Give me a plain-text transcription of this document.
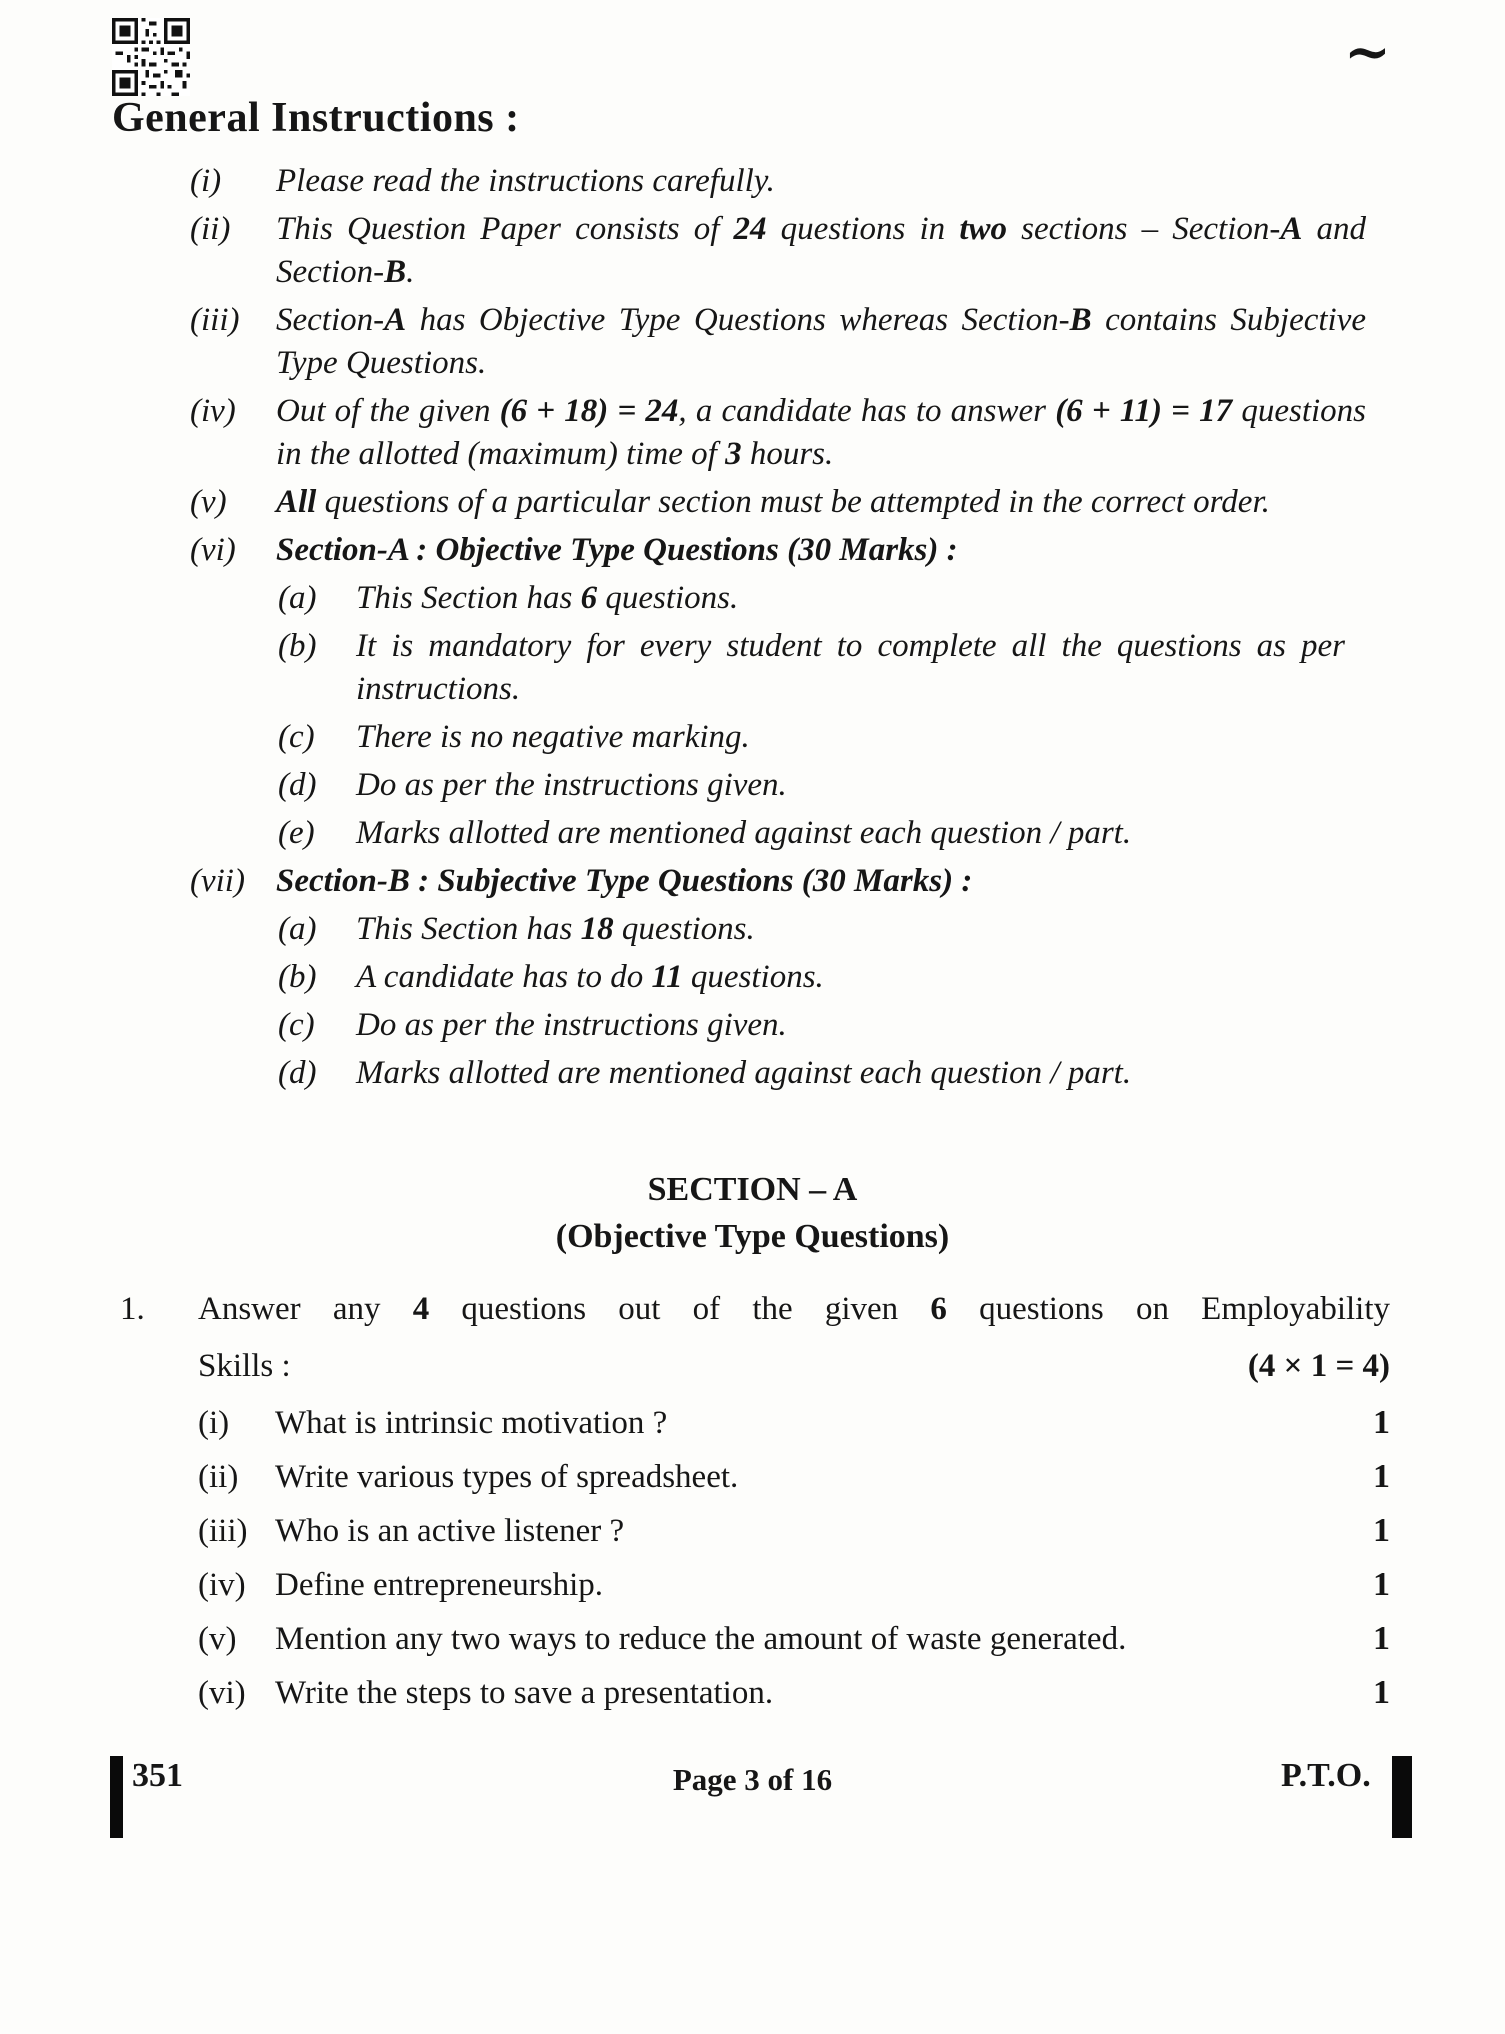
~
General Instructions :
(i)	Please read the instructions carefully.
(ii)	This Question Paper consists of 24 questions in two sections – Section-A and Section-B.
(iii)	Section-A has Objective Type Questions whereas Section-B contains Subjective Type Questions.
(iv)	Out of the given (6 + 18) = 24, a candidate has to answer (6 + 11) = 17 questions in the allotted (maximum) time of 3 hours.
(v)	All questions of a particular section must be attempted in the correct order.
(vi)	Section-A : Objective Type Questions (30 Marks) :
(a)	This Section has 6 questions.
(b)	It is mandatory for every student to complete all the questions as per instructions.
(c)	There is no negative marking.
(d)	Do as per the instructions given.
(e)	Marks allotted are mentioned against each question / part.
(vii) Section-B : Subjective Type Questions (30 Marks) :
(a)	This Section has 18 questions.
(b)	A candidate has to do 11 questions.
(c)	Do as per the instructions given.
(d)	Marks allotted are mentioned against each question / part.
SECTION – A
(Objective Type Questions)
1.	Answer any 4 questions out of the given 6 questions on Employability
Skills :	(4 × 1 = 4)
(i)	What is intrinsic motivation ?	1
(ii)	Write various types of spreadsheet.	1
(iii) Who is an active listener ?	1
(iv) Define entrepreneurship.	1
(v)	Mention any two ways to reduce the amount of waste generated.	1
(vi) Write the steps to save a presentation.	1
351	Page 3 of 16	P.T.O.
